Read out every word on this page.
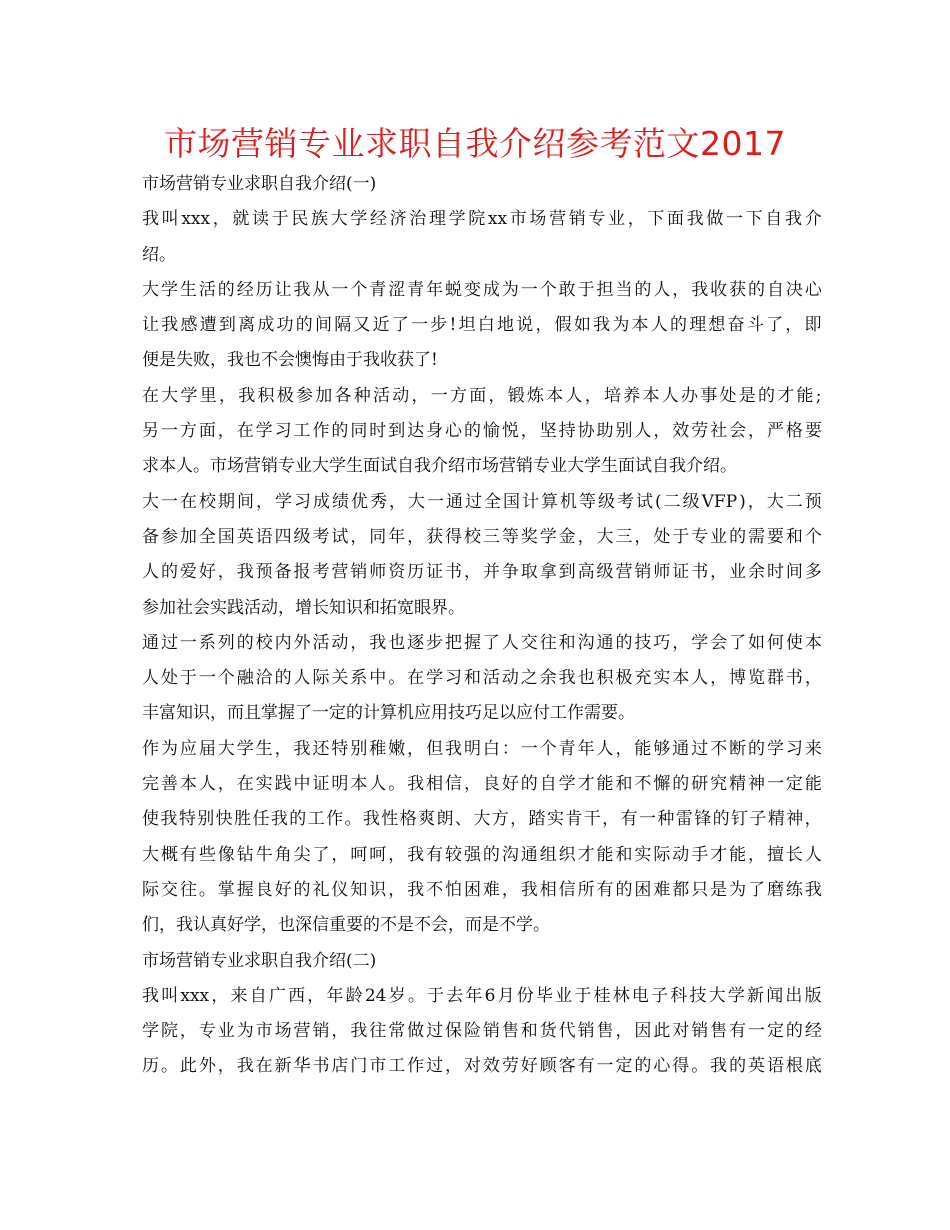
市场营销专业求职自我介绍参考范文2017
市场营销专业求职自我介绍(一)
我 叫 xxx ， 就 读 于 民 族 大 学 经 济 治 理 学 院 xx 市 场 营 销 专 业 ， 下 面 我 做 一 下 自 我 介
绍。
大 学 生 活 的 经 历 让 我 从 一 个 青 涩 青 年 蜕 变 成 为 一 个 敢 于 担 当 的 人 ， 我 收 获 的 自 决 心
让 我 感 遭 到 离 成 功 的 间 隔 又 近 了 一 步 ! 坦 白 地 说 ， 假 如 我 为 本 人 的 理 想 奋 斗 了 ， 即
便是失败，我也不会懊悔由于我收获了!
在 大 学 里 ， 我 积 极 参 加 各 种 活 动 ， 一 方 面 ， 锻 炼 本 人 ， 培 养 本 人 办 事 处 是 的 才 能 ;
另 一 方 面 ， 在 学 习 工 作 的 同 时 到 达 身 心 的 愉 悦 ， 坚 持 协 助 别 人 ， 效 劳 社 会 ， 严 格 要
求本人。市场营销专业大学生面试自我介绍市场营销专业大学生面试自我介绍。
大 一 在 校 期 间 ， 学 习 成 绩 优 秀 ， 大 一 通 过 全 国 计 算 机 等 级 考 试 ( 二 级 VFP ) ， 大 二 预
备 参 加 全 国 英 语 四 级 考 试 ， 同 年 ， 获 得 校 三 等 奖 学 金 ， 大 三 ， 处 于 专 业 的 需 要 和 个
人 的 爱 好 ， 我 预 备 报 考 营 销 师 资 历 证 书 ， 并 争 取 拿 到 高 级 营 销 师 证 书 ， 业 余 时 间 多
参加社会实践活动，增长知识和拓宽眼界。
通 过 一 系 列 的 校 内 外 活 动 ， 我 也 逐 步 把 握 了 人 交 往 和 沟 通 的 技 巧 ， 学 会 了 如 何 使 本
人 处 于 一 个 融 洽 的 人 际 关 系 中 。 在 学 习 和 活 动 之 余 我 也 积 极 充 实 本 人 ， 博 览 群 书 ，
丰富知识，而且掌握了一定的计算机应用技巧足以应付工作需要。
作 为 应 届 大 学 生 ， 我 还 特 别 稚 嫩 ， 但 我 明 白 ： 一 个 青 年 人 ， 能 够 通 过 不 断 的 学 习 来
完 善 本 人 ， 在 实 践 中 证 明 本 人 。 我 相 信 ， 良 好 的 自 学 才 能 和 不 懈 的 研 究 精 神 一 定 能
使 我 特 别 快 胜 任 我 的 工 作 。 我 性 格 爽 朗 、 大 方 ， 踏 实 肯 干 ， 有 一 种 雷 锋 的 钉 子 精 神 ，
大 概 有 些 像 钻 牛 角 尖 了 ， 呵 呵 ， 我 有 较 强 的 沟 通 组 织 才 能 和 实 际 动 手 才 能 ， 擅 长 人
际 交 往 。 掌 握 良 好 的 礼 仪 知 识 ， 我 不 怕 困 难 ， 我 相 信 所 有 的 困 难 都 只 是 为 了 磨 练 我
们，我认真好学，也深信重要的不是不会，而是不学。
市场营销专业求职自我介绍(二)
我 叫 xxx ， 来 自 广 西 ， 年 龄 24 岁 。 于 去 年 6 月 份 毕 业 于 桂 林 电 子 科 技 大 学 新 闻 出 版
学 院 ， 专 业 为 市 场 营 销 ， 我 往 常 做 过 保 险 销 售 和 货 代 销 售 ， 因 此 对 销 售 有 一 定 的 经
历 。 此 外 ， 我 在 新 华 书 店 门 市 工 作 过 ， 对 效 劳 好 顾 客 有 一 定 的 心 得 。 我 的 英 语 根 底
